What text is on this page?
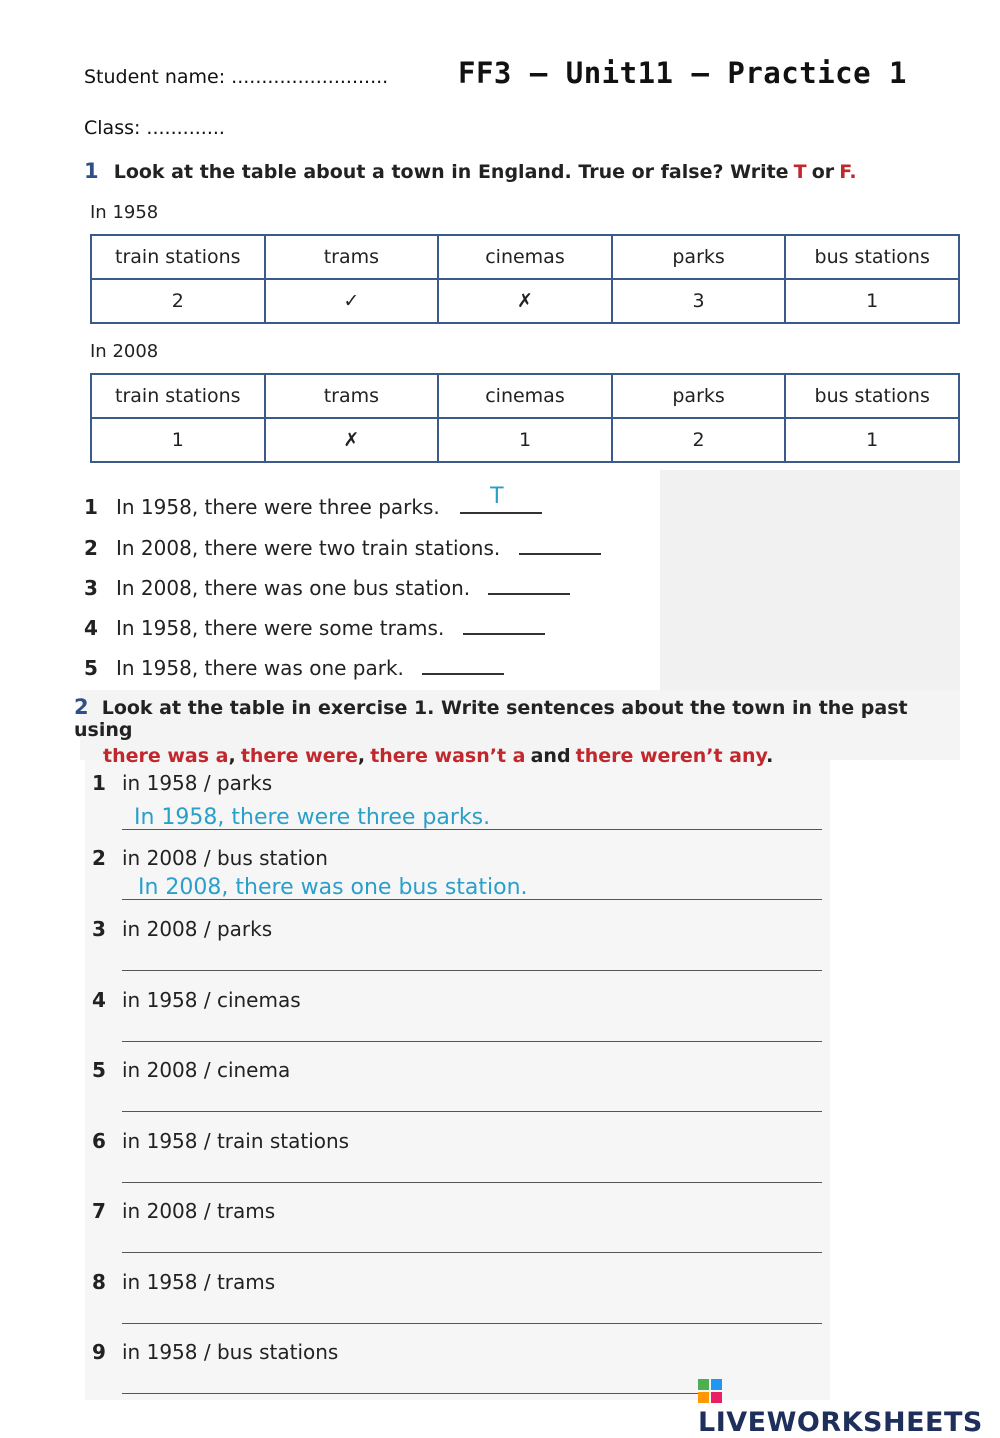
Student name: .......................... FF3 – Unit11 – Practice 1
Class: .............
1 Look at the table about a town in England. True or false? Write T or F.
In 1958
train stations	trams	cinemas	parks	bus stations
2	✓	✗	3	1
In 2008
train stations	trams	cinemas	parks	bus stations
1	✗	1	2	1
1 In 1958, there were three parks. T
2 In 2008, there were two train stations.
3 In 2008, there was one bus station.
4 In 1958, there were some trams.
5 In 1958, there was one park.
2 Look at the table in exercise 1. Write sentences about the town in the past using
there was a, there were, there wasn’t a and there weren’t any.
1 in 1958 / parks
In 1958, there were three parks.
2 in 2008 / bus station
In 2008, there was one bus station.
3 in 2008 / parks
4 in 1958 / cinemas
5 in 2008 / cinema
6 in 1958 / train stations
7 in 2008 / trams
8 in 1958 / trams
9 in 1958 / bus stations
LIVEWORKSHEETS
